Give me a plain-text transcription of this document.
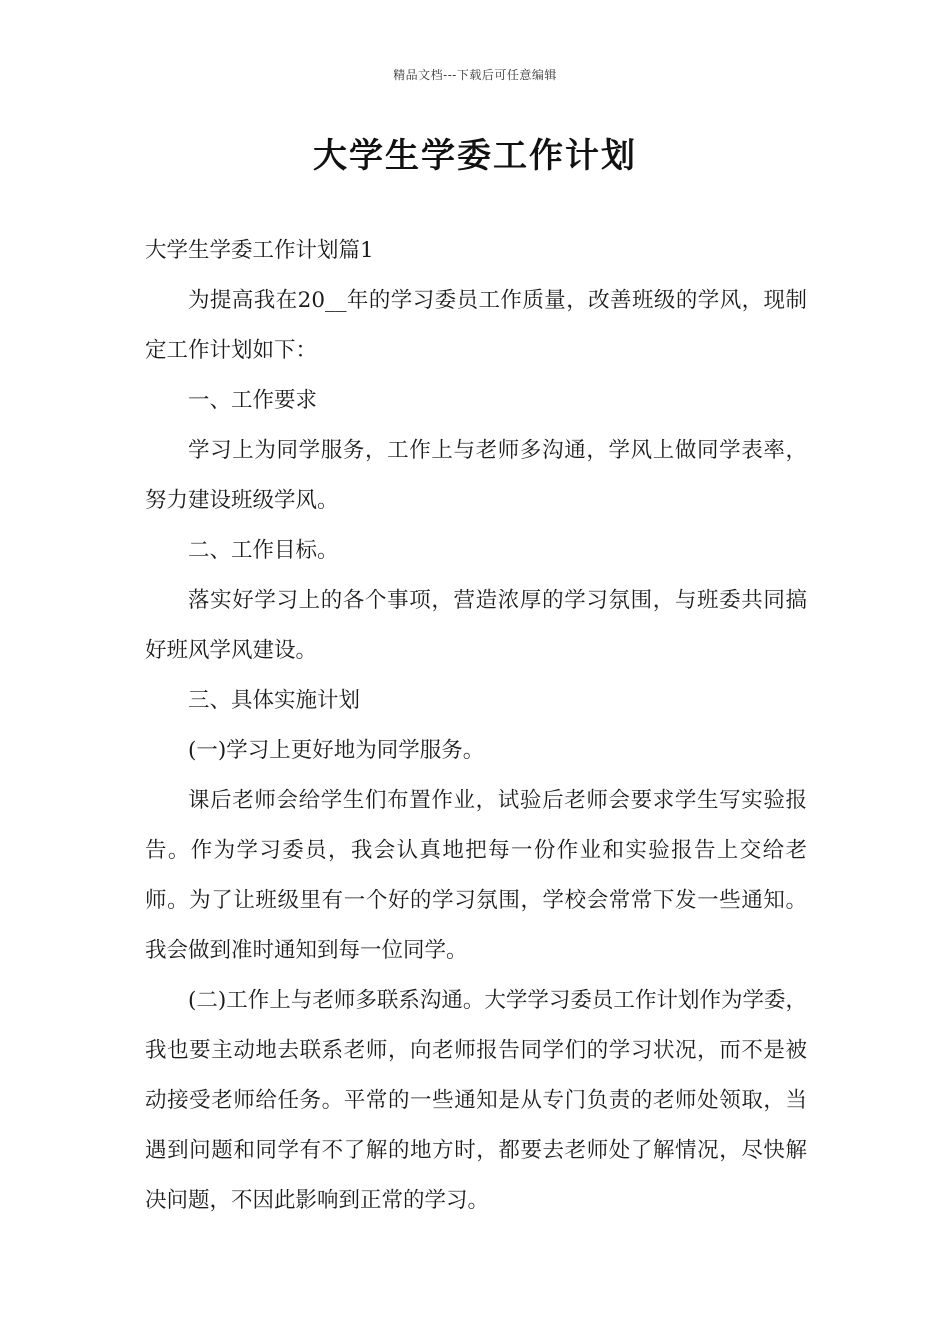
精品文档---下载后可任意编辑
大学生学委工作计划

大学生学委工作计划篇1

为提高我在20__年的学习委员工作质量，改善班级的学风，现制定工作计划如下：

一、工作要求

学习上为同学服务，工作上与老师多沟通，学风上做同学表率，努力建设班级学风。

二、工作目标。

落实好学习上的各个事项，营造浓厚的学习氛围，与班委共同搞好班风学风建设。

三、具体实施计划

(一)学习上更好地为同学服务。

课后老师会给学生们布置作业，试验后老师会要求学生写实验报告。作为学习委员，我会认真地把每一份作业和实验报告上交给老师。为了让班级里有一个好的学习氛围，学校会常常下发一些通知。我会做到准时通知到每一位同学。

(二)工作上与老师多联系沟通。大学学习委员工作计划作为学委，我也要主动地去联系老师，向老师报告同学们的学习状况，而不是被动接受老师给任务。平常的一些通知是从专门负责的老师处领取，当遇到问题和同学有不了解的地方时，都要去老师处了解情况，尽快解决问题，不因此影响到正常的学习。
